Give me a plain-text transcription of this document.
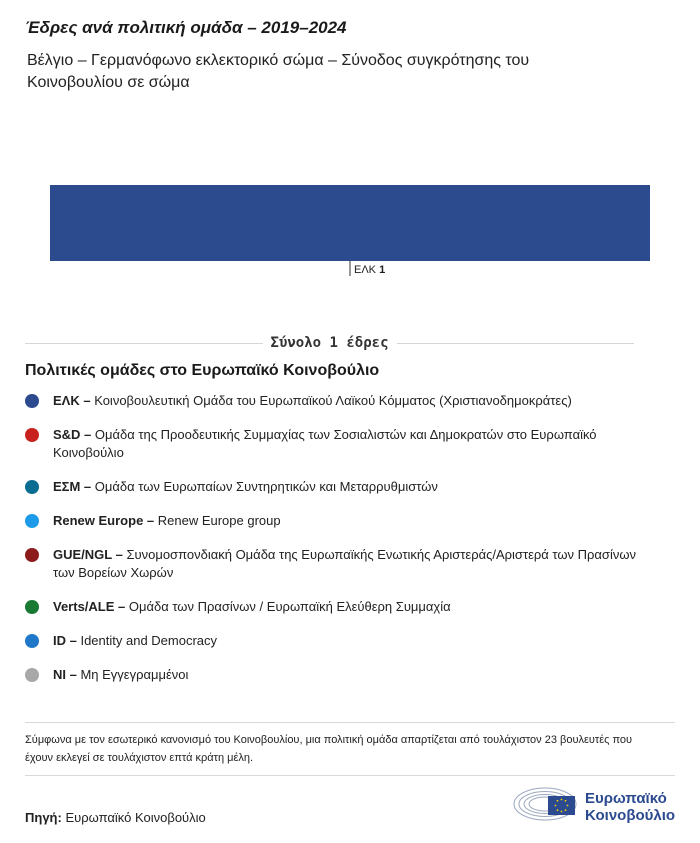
Έδρες ανά πολιτική ομάδα – 2019–2024
Βέλγιο – Γερμανόφωνο εκλεκτορικό σώμα – Σύνοδος συγκρότησης του Κοινοβουλίου σε σώμα
ΕΛΚ 1
Σύνολο 1 έδρες
Πολιτικές ομάδες στο Ευρωπαϊκό Κοινοβούλιο
ΕΛΚ – Κοινοβουλευτική Ομάδα του Ευρωπαϊκού Λαϊκού Κόμματος (Χριστιανοδημοκράτες)
S&D – Ομάδα της Προοδευτικής Συμμαχίας των Σοσιαλιστών και Δημοκρατών στο Ευρωπαϊκό Κοινοβούλιο
ΕΣΜ – Ομάδα των Ευρωπαίων Συντηρητικών και Μεταρρυθμιστών
Renew Europe – Renew Europe group
GUE/NGL – Συνομοσπονδιακή Ομάδα της Ευρωπαϊκής Ενωτικής Αριστεράς/Αριστερά των Πρασίνων των Βορείων Χωρών
Verts/ALE – Ομάδα των Πρασίνων / Ευρωπαϊκή Ελεύθερη Συμμαχία
ID – Identity and Democracy
NI – Μη Εγγεγραμμένοι
Σύμφωνα με τον εσωτερικό κανονισμό του Κοινοβουλίου, μια πολιτική ομάδα απαρτίζεται από τουλάχιστον 23 βουλευτές που έχουν εκλεγεί σε τουλάχιστον επτά κράτη μέλη.
Πηγή: Ευρωπαϊκό Κοινοβούλιο
Ευρωπαϊκό
Κοινοβούλιο
